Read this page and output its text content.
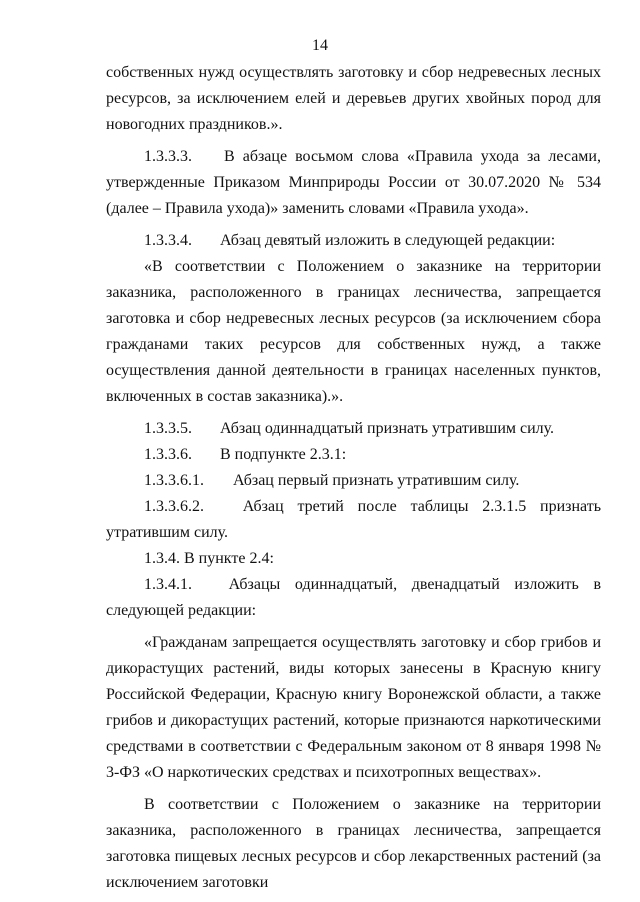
14

собственных нужд осуществлять заготовку и сбор недревесных лесных ресурсов, за исключением елей и деревьев других хвойных пород для новогодних праздников.».

1.3.3.3. В абзаце восьмом слова «Правила ухода за лесами, утвержденные Приказом Минприроды России от 30.07.2020 № 534 (далее – Правила ухода)» заменить словами «Правила ухода».

1.3.3.4. Абзац девятый изложить в следующей редакции:

«В соответствии с Положением о заказнике на территории заказника, расположенного в границах лесничества, запрещается заготовка и сбор недревесных лесных ресурсов (за исключением сбора гражданами таких ресурсов для собственных нужд, а также осуществления данной деятельности в границах населенных пунктов, включенных в состав заказника).».

1.3.3.5. Абзац одиннадцатый признать утратившим силу.

1.3.3.6. В подпункте 2.3.1:

1.3.3.6.1. Абзац первый признать утратившим силу.

1.3.3.6.2. Абзац третий после таблицы 2.3.1.5 признать утратившим силу.

1.3.4. В пункте 2.4:

1.3.4.1. Абзацы одиннадцатый, двенадцатый изложить в следующей редакции:

«Гражданам запрещается осуществлять заготовку и сбор грибов и дикорастущих растений, виды которых занесены в Красную книгу Российской Федерации, Красную книгу Воронежской области, а также грибов и дикорастущих растений, которые признаются наркотическими средствами в соответствии с Федеральным законом от 8 января 1998 № 3-ФЗ «О наркотических средствах и психотропных веществах».

В соответствии с Положением о заказнике на территории заказника, расположенного в границах лесничества, запрещается заготовка пищевых лесных ресурсов и сбор лекарственных растений (за исключением заготовки
